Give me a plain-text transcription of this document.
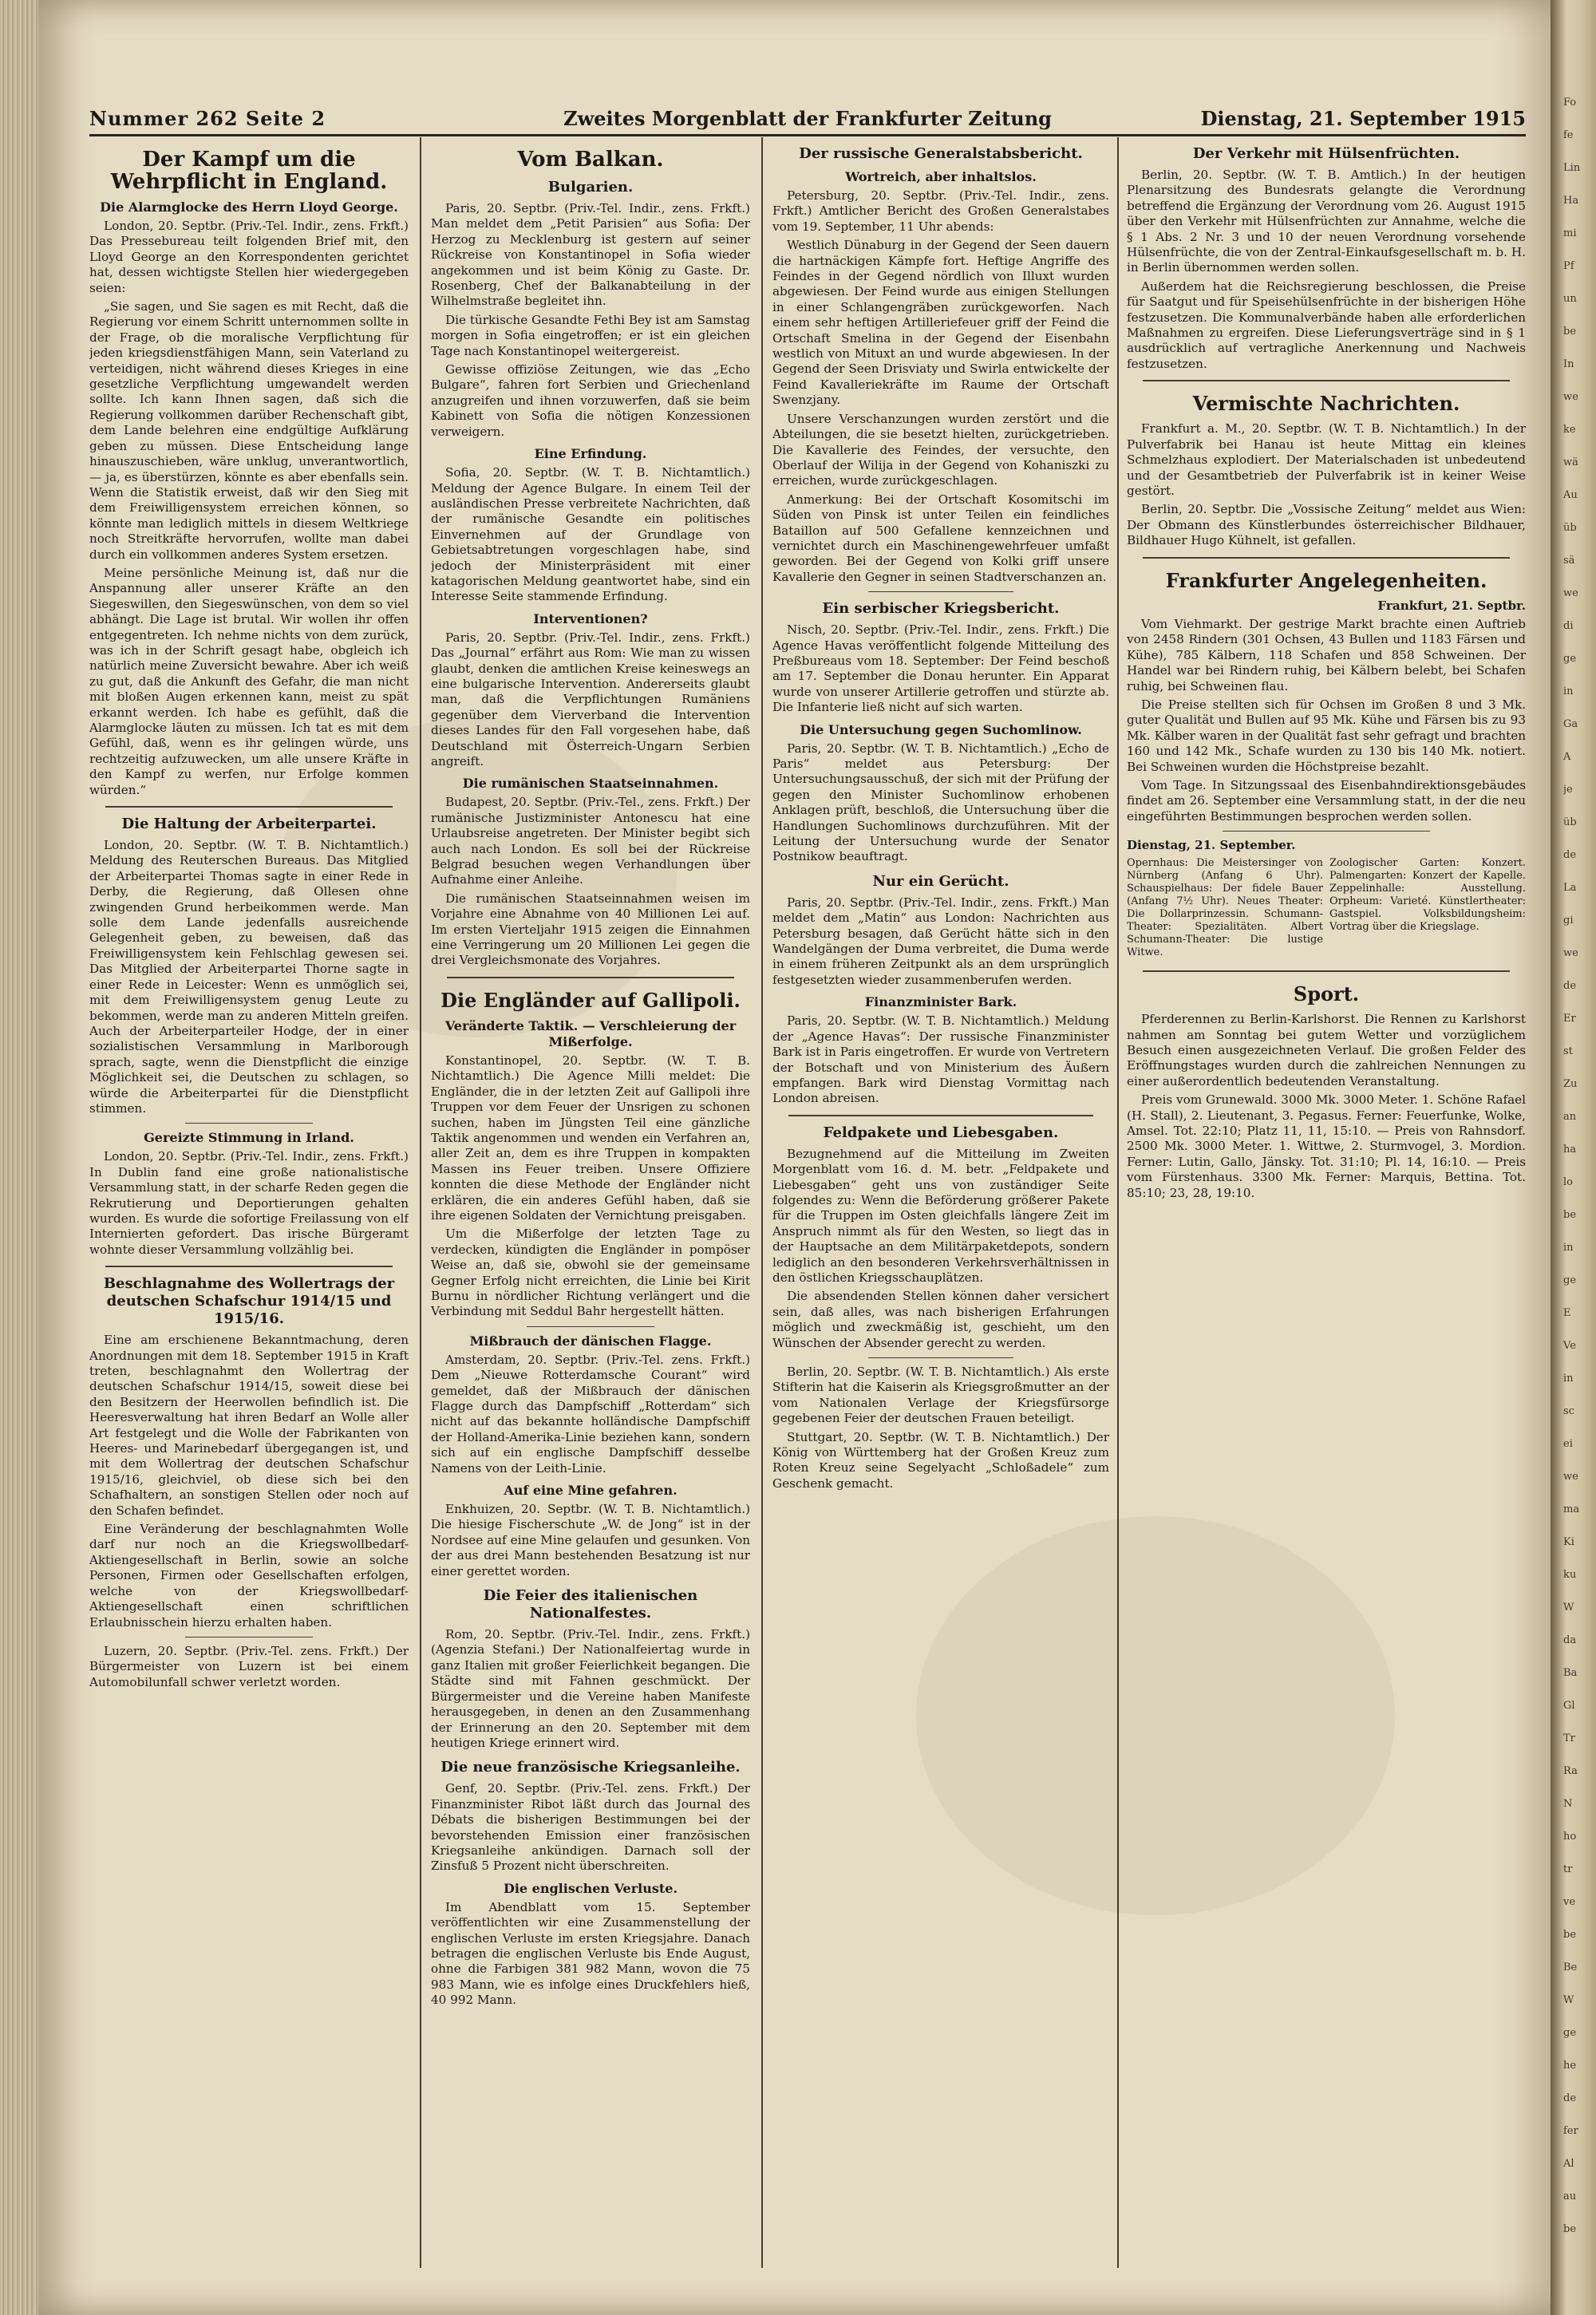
Fo
fe
Lin
Ha
mi
Pf
un
be
In
we
ke
wä
Au
üb
sä
we
di
ge
in
Ga
A
je
üb
de
La
gi
we
de
Er
st
Zu
an
ha
lo
be
in
ge
E
Ve
in
sc
ei
we
ma
Ki
ku
W
da
Ba
Gl
Tr
Ra
N
ho
tr
ve
be
Be
W
ge
he
de
fer
Al
au
be
Nummer 262 Seite 2	Zweites Morgenblatt der Frankfurter Zeitung	Dienstag, 21. September 1915
Der Kampf um die Wehrpflicht in England.
Die Alarmglocke des Herrn Lloyd George.

London, 20. Septbr. (Priv.-Tel. Indir., zens. Frkft.) Das Pressebureau teilt folgenden Brief mit, den Lloyd George an den Korrespondenten gerichtet hat, dessen wichtigste Stellen hier wiedergegeben seien:

„Sie sagen, und Sie sagen es mit Recht, daß die Regierung vor einem Schritt unternommen sollte in der Frage, ob die moralische Verpflichtung für jeden kriegsdienstfähigen Mann, sein Vaterland zu verteidigen, nicht während dieses Krieges in eine gesetzliche Verpflichtung umgewandelt werden sollte. Ich kann Ihnen sagen, daß sich die Regierung vollkommen darüber Rechenschaft gibt, dem Lande belehren eine endgültige Aufklärung geben zu müssen. Diese Entscheidung lange hinauszuschieben, wäre unklug, unverantwortlich, — ja, es überstürzen, könnte es aber ebenfalls sein. Wenn die Statistik erweist, daß wir den Sieg mit dem Freiwilligensystem erreichen können, so könnte man lediglich mittels in diesem Weltkriege noch Streitkräfte hervorrufen, wollte man dabei durch ein vollkommen anderes System ersetzen.

Meine persönliche Meinung ist, daß nur die Anspannung aller unserer Kräfte an den Siegeswillen, den Siegeswünschen, von dem so viel abhängt. Die Lage ist brutal. Wir wollen ihr offen entgegentreten. Ich nehme nichts von dem zurück, was ich in der Schrift gesagt habe, obgleich ich natürlich meine Zuversicht bewahre. Aber ich weiß zu gut, daß die Ankunft des Gefahr, die man nicht mit bloßen Augen erkennen kann, meist zu spät erkannt werden. Ich habe es gefühlt, daß die Alarmglocke läuten zu müssen. Ich tat es mit dem Gefühl, daß, wenn es ihr gelingen würde, uns rechtzeitig aufzuwecken, um alle unsere Kräfte in den Kampf zu werfen, nur Erfolge kommen würden.“

Die Haltung der Arbeiterpartei.

London, 20. Septbr. (W. T. B. Nichtamtlich.) Meldung des Reuterschen Bureaus. Das Mitglied der Arbeiterpartei Thomas sagte in einer Rede in Derby, die Regierung, daß Ollesen ohne zwingenden Grund herbeikommen werde. Man solle dem Lande jedenfalls ausreichende Gelegenheit geben, zu beweisen, daß das Freiwilligensystem kein Fehlschlag gewesen sei. Das Mitglied der Arbeiterpartei Thorne sagte in einer Rede in Leicester: Wenn es unmöglich sei, mit dem Freiwilligensystem genug Leute zu bekommen, werde man zu anderen Mitteln greifen. Auch der Arbeiterparteiler Hodge, der in einer sozialistischen Versammlung in Marlborough sprach, sagte, wenn die Dienstpflicht die einzige Möglichkeit sei, die Deutschen zu schlagen, so würde die Arbeiterpartei für die Dienstpflicht stimmen.

Gereizte Stimmung in Irland.

London, 20. Septbr. (Priv.-Tel. Indir., zens. Frkft.) In Dublin fand eine große nationalistische Versammlung statt, in der scharfe Reden gegen die Rekrutierung und Deportierungen gehalten wurden. Es wurde die sofortige Freilassung von elf Internierten gefordert. Das irische Bürgeramt wohnte dieser Versammlung vollzählig bei.

Beschlagnahme des Wollertrags der deutschen Schafschur 1914/15 und 1915/16.

Eine am erschienene Bekanntmachung, deren Anordnungen mit dem 18. September 1915 in Kraft treten, beschlagnahmt den Wollertrag der deutschen Schafschur 1914/15, soweit diese bei den Besitzern der Heerwollen befindlich ist. Die Heeresverwaltung hat ihren Bedarf an Wolle aller Art festgelegt und die Wolle der Fabrikanten von Heeres- und Marinebedarf übergegangen ist, und mit dem Wollertrag der deutschen Schafschur 1915/16, gleichviel, ob diese sich bei den Schafhaltern, an sonstigen Stellen oder noch auf den Schafen befindet.

Eine Veränderung der beschlagnahmten Wolle darf nur noch an die Kriegswollbedarf-Aktiengesellschaft in Berlin, sowie an solche Personen, Firmen oder Gesellschaften erfolgen, welche von der Kriegswollbedarf-Aktiengesellschaft einen schriftlichen Erlaubnisschein hierzu erhalten haben.

Luzern, 20. Septbr. (Priv.-Tel. zens. Frkft.) Der Bürgermeister von Luzern ist bei einem Automobilunfall schwer verletzt worden.

Vom Balkan.
Bulgarien.

Paris, 20. Septbr. (Priv.-Tel. Indir., zens. Frkft.) Man meldet dem „Petit Parisien“ aus Sofia: Der Herzog zu Mecklenburg ist gestern auf seiner Rückreise von Konstantinopel in Sofia wieder angekommen und ist beim König zu Gaste. Dr. Rosenberg, Chef der Balkanabteilung in der Wilhelmstraße begleitet ihn.

Die türkische Gesandte Fethi Bey ist am Samstag morgen in Sofia eingetroffen; er ist ein gleichen Tage nach Konstantinopel weitergereist.

Gewisse offiziöse Zeitungen, wie das „Echo Bulgare“, fahren fort Serbien und Griechenland anzugreifen und ihnen vorzuwerfen, daß sie beim Kabinett von Sofia die nötigen Konzessionen verweigern.

Eine Erfindung.

Sofia, 20. Septbr. (W. T. B. Nichtamtlich.) Meldung der Agence Bulgare. In einem Teil der ausländischen Presse verbreitete Nachrichten, daß der rumänische Gesandte ein politisches Einvernehmen auf der Grundlage von Gebietsabtretungen vorgeschlagen habe, sind jedoch der Ministerpräsident mit einer katagorischen Meldung geantwortet habe, sind ein Interesse Seite stammende Erfindung.

Interventionen?

Paris, 20. Septbr. (Priv.-Tel. Indir., zens. Frkft.) Das „Journal“ erfährt aus Rom: Wie man zu wissen glaubt, denken die amtlichen Kreise keineswegs an eine bulgarische Intervention. Andererseits glaubt man, daß die Verpflichtungen Rumäniens gegenüber dem Vierverband die Intervention dieses Landes für den Fall vorgesehen habe, daß Deutschland mit Österreich-Ungarn Serbien angreift.

Die rumänischen Staatseinnahmen.

Budapest, 20. Septbr. (Priv.-Tel., zens. Frkft.) Der rumänische Justizminister Antonescu hat eine Urlaubsreise angetreten. Der Minister begibt sich auch nach London. Es soll bei der Rückreise Belgrad besuchen wegen Verhandlungen über Aufnahme einer Anleihe.

Die rumänischen Staatseinnahmen weisen im Vorjahre eine Abnahme von 40 Millionen Lei auf. Im ersten Vierteljahr 1915 zeigen die Einnahmen eine Verringerung um 20 Millionen Lei gegen die drei Vergleichsmonate des Vorjahres.

Die Engländer auf Gallipoli.
Veränderte Taktik. — Verschleierung der Mißerfolge.

Konstantinopel, 20. Septbr. (W. T. B. Nichtamtlich.) Die Agence Milli meldet: Die Engländer, die in der letzten Zeit auf Gallipoli ihre Truppen vor dem Feuer der Unsrigen zu schonen suchen, haben im Jüngsten Teil eine gänzliche Taktik angenommen und wenden ein Verfahren an, aller Zeit an, dem es ihre Truppen in kompakten Massen ins Feuer treiben. Unsere Offiziere konnten die diese Methode der Engländer nicht erklären, die ein anderes Gefühl haben, daß sie ihre eigenen Soldaten der Vernichtung preisgaben.

Um die Mißerfolge der letzten Tage zu verdecken, kündigten die Engländer in pompöser Weise an, daß sie, obwohl sie der gemeinsame Gegner Erfolg nicht erreichten, die Linie bei Kirit Burnu in nördlicher Richtung verlängert und die Verbindung mit Seddul Bahr hergestellt hätten.

Mißbrauch der dänischen Flagge.

Amsterdam, 20. Septbr. (Priv.-Tel. zens. Frkft.) Dem „Nieuwe Rotterdamsche Courant“ wird gemeldet, daß der Mißbrauch der dänischen Flagge durch das Dampfschiff „Rotterdam“ sich nicht auf das bekannte holländische Dampfschiff der Holland-Amerika-Linie beziehen kann, sondern sich auf ein englische Dampfschiff desselbe Namens von der Leith-Linie.

Auf eine Mine gefahren.

Enkhuizen, 20. Septbr. (W. T. B. Nichtamtlich.) Die hiesige Fischerschute „W. de Jong“ ist in der Nordsee auf eine Mine gelaufen und gesunken. Von der aus drei Mann bestehenden Besatzung ist nur einer gerettet worden.

Die Feier des italienischen Nationalfestes.

Rom, 20. Septbr. (Priv.-Tel. Indir., zens. Frkft.) (Agenzia Stefani.) Der Nationalfeiertag wurde in ganz Italien mit großer Feierlichkeit begangen. Die Städte sind mit Fahnen geschmückt. Der Bürgermeister und die Vereine haben Manifeste herausgegeben, in denen an den Zusammenhang der Erinnerung an den 20. September mit dem heutigen Kriege erinnert wird.

Die neue französische Kriegsanleihe.

Genf, 20. Septbr. (Priv.-Tel. zens. Frkft.) Der Finanzminister Ribot läßt durch das Journal des Débats die bisherigen Bestimmungen bei der bevorstehenden Emission einer französischen Kriegsanleihe ankündigen. Darnach soll der Zinsfuß 5 Prozent nicht überschreiten.

Die englischen Verluste.

Im Abendblatt vom 15. September veröffentlichten wir eine Zusammenstellung der englischen Verluste im ersten Kriegsjahre. Danach betragen die englischen Verluste bis Ende August, ohne die Farbigen 381 982 Mann, wovon die 75 983 Mann, wie es infolge eines Druckfehlers hieß, 40 992 Mann.

Der russische Generalstabsbericht.
Wortreich, aber inhaltslos.

Petersburg, 20. Septbr. (Priv.-Tel. Indir., zens. Frkft.) Amtlicher Bericht des Großen Generalstabes vom 19. September, 11 Uhr abends:

Westlich Dünaburg in der Gegend der Seen dauern die hartnäckigen Kämpfe fort. Heftige Angriffe des Feindes in der Gegend nördlich von Illuxt wurden abgewiesen. Der Feind wurde aus einigen Stellungen in einer Schlangengräben zurückgeworfen. Nach einem sehr heftigen Artilleriefeuer griff der Feind die Ortschaft Smelina in der Gegend der Eisenbahn westlich von Mituxt an und wurde abgewiesen. In der Gegend der Seen Drisviaty und Swirla entwickelte der Feind Kavalleriekräfte im Raume der Ortschaft Swenzjany.

Unsere Verschanzungen wurden zerstört und die Abteilungen, die sie besetzt hielten, zurückgetrieben. Die Kavallerie des Feindes, der versuchte, den Oberlauf der Wilija in der Gegend von Kohaniszki zu erreichen, wurde zurückgeschlagen.

Anmerkung: Bei der Ortschaft Kosomitschi im Süden von Pinsk ist unter Teilen ein feindliches Bataillon auf 500 Gefallene kennzeichnen und vernichtet durch ein Maschinengewehrfeuer umfaßt geworden. Bei der Gegend von Kolki griff unsere Kavallerie den Gegner in seinen Stadtverschanzen an.

Ein serbischer Kriegsbericht.

Nisch, 20. Septbr. (Priv.-Tel. Indir., zens. Frkft.) Die Agence Havas veröffentlicht folgende Mitteilung des Preßbureaus vom 18. September: Der Feind beschoß am 17. September die Donau herunter. Ein Apparat wurde von unserer Artillerie getroffen und stürzte ab. Die Infanterie ließ nicht auf sich warten.

Die Untersuchung gegen Suchomlinow.

Paris, 20. Septbr. (W. T. B. Nichtamtlich.) „Echo de Paris“ meldet aus Petersburg: Der Untersuchungsausschuß, der sich mit der Prüfung der gegen den Minister Suchomlinow erhobenen Anklagen prüft, beschloß, die Untersuchung über die Handlungen Suchomlinows durchzuführen. Mit der Leitung der Untersuchung wurde der Senator Postnikow beauftragt.

Nur ein Gerücht.

Paris, 20. Septbr. (Priv.-Tel. Indir., zens. Frkft.) Man meldet dem „Matin“ aus London: Nachrichten aus Petersburg besagen, daß Gerücht hätte sich in den Wandelgängen der Duma verbreitet, die Duma werde in einem früheren Zeitpunkt als an dem ursprünglich festgesetzten wieder zusammenberufen werden.

Finanzminister Bark.

Paris, 20. Septbr. (W. T. B. Nichtamtlich.) Meldung der „Agence Havas“: Der russische Finanzminister Bark ist in Paris eingetroffen. Er wurde von Vertretern der Botschaft und von Ministerium des Äußern empfangen. Bark wird Dienstag Vormittag nach London abreisen.

Feldpakete und Liebesgaben.

Bezugnehmend auf die Mitteilung im Zweiten Morgenblatt vom 16. d. M. betr. „Feldpakete und Liebesgaben“ geht uns von zuständiger Seite folgendes zu: Wenn die Beförderung größerer Pakete für die Truppen im Osten gleichfalls längere Zeit im Anspruch nimmt als für den Westen, so liegt das in der Hauptsache an dem Militärpaketdepots, sondern lediglich an den besonderen Verkehrsverhältnissen in den östlichen Kriegsschauplätzen.

Die absendenden Stellen können daher versichert sein, daß alles, was nach bisherigen Erfahrungen möglich und zweckmäßig ist, geschieht, um den Wünschen der Absender gerecht zu werden.

Berlin, 20. Septbr. (W. T. B. Nichtamtlich.) Als erste Stifterin hat die Kaiserin als Kriegsgroßmutter an der vom Nationalen Verlage der Kriegsfürsorge gegebenen Feier der deutschen Frauen beteiligt.

Stuttgart, 20. Septbr. (W. T. B. Nichtamtlich.) Der König von Württemberg hat der Großen Kreuz zum Roten Kreuz seine Segelyacht „Schloßadele“ zum Geschenk gemacht.

Der Verkehr mit Hülsenfrüchten.

Berlin, 20. Septbr. (W. T. B. Amtlich.) In der heutigen Plenarsitzung des Bundesrats gelangte die Verordnung betreffend die Ergänzung der Verordnung vom 26. August 1915 über den Verkehr mit Hülsenfrüchten zur Annahme, welche die § 1 Abs. 2 Nr. 3 und 10 der neuen Verordnung vorsehende Hülsenfrüchte, die von der Zentral-Einkaufsgesellschaft m. b. H. in Berlin übernommen werden sollen.

Außerdem hat die Reichsregierung beschlossen, die Preise für Saatgut und für Speisehülsenfrüchte in der bisherigen Höhe festzusetzen. Die Kommunalverbände haben alle erforderlichen Maßnahmen zu ergreifen. Diese Lieferungsverträge sind in § 1 ausdrücklich auf vertragliche Anerkennung und Nachweis festzusetzen.

Vermischte Nachrichten.

Frankfurt a. M., 20. Septbr. (W. T. B. Nichtamtlich.) In der Pulverfabrik bei Hanau ist heute Mittag ein kleines Schmelzhaus explodiert. Der Materialschaden ist unbedeutend und der Gesamtbetrieb der Pulverfabrik ist in keiner Weise gestört.

Berlin, 20. Septbr. Die „Vossische Zeitung“ meldet aus Wien: Der Obmann des Künstlerbundes österreichischer Bildhauer, Bildhauer Hugo Kühnelt, ist gefallen.

Frankfurter Angelegenheiten.

Frankfurt, 21. Septbr.

Vom Viehmarkt. Der gestrige Markt brachte einen Auftrieb von 2458 Rindern (301 Ochsen, 43 Bullen und 1183 Färsen und Kühe), 785 Kälbern, 118 Schafen und 858 Schweinen. Der Handel war bei Rindern ruhig, bei Kälbern belebt, bei Schafen ruhig, bei Schweinen flau.

Die Preise stellten sich für Ochsen im Großen 8 und 3 Mk. guter Qualität und Bullen auf 95 Mk. Kühe und Färsen bis zu 93 Mk. Kälber waren in der Qualität fast sehr gefragt und brachten 160 und 142 Mk., Schafe wurden zu 130 bis 140 Mk. notiert. Bei Schweinen wurden die Höchstpreise bezahlt.

Vom Tage. In Sitzungssaal des Eisenbahndirektionsgebäudes findet am 26. September eine Versammlung statt, in der die neu eingeführten Bestimmungen besprochen werden sollen.

Dienstag, 21. September.

Opernhaus: Die Meistersinger von Nürnberg (Anfang 6 Uhr). Schauspielhaus: Der fidele Bauer (Anfang 7½ Uhr). Neues Theater: Die Dollarprinzessin. Schumann-Theater: Spezialitäten. Albert Schumann-Theater: Die lustige Witwe.

Zoologischer Garten: Konzert. Palmengarten: Konzert der Kapelle. Zeppelinhalle: Ausstellung. Orpheum: Varieté. Künstlertheater: Gastspiel. Volksbildungsheim: Vortrag über die Kriegslage.

Sport.

Pferderennen zu Berlin-Karlshorst. Die Rennen zu Karlshorst nahmen am Sonntag bei gutem Wetter und vorzüglichem Besuch einen ausgezeichneten Verlauf. Die großen Felder des Eröffnungstages wurden durch die zahlreichen Nennungen zu einer außerordentlich bedeutenden Veranstaltung.

Preis vom Grunewald. 3000 Mk. 3000 Meter. 1. Schöne Rafael (H. Stall), 2. Lieutenant, 3. Pegasus. Ferner: Feuerfunke, Wolke, Amsel. Tot. 22:10; Platz 11, 11, 15:10. — Preis von Rahnsdorf. 2500 Mk. 3000 Meter. 1. Wittwe, 2. Sturmvogel, 3. Mordion. Ferner: Lutin, Gallo, Jänsky. Tot. 31:10; Pl. 14, 16:10. — Preis vom Fürstenhaus. 3300 Mk. Ferner: Marquis, Bettina. Tot. 85:10; 23, 28, 19:10.
